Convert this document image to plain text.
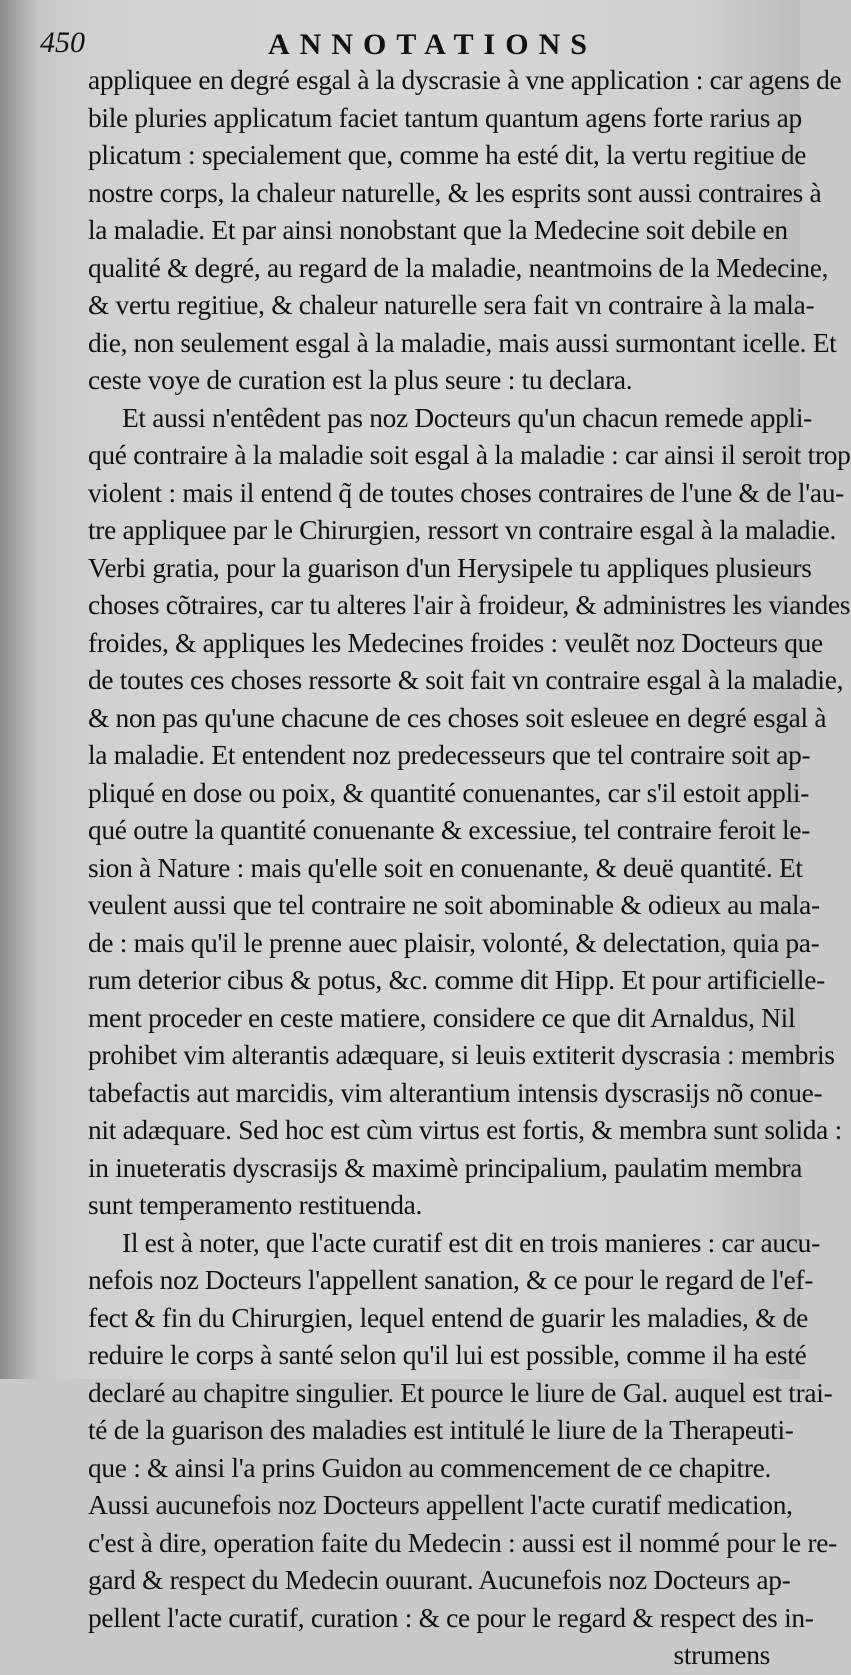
450	ANNOTATIONS
appliquee en degré esgal à la dyscrasie à vne application : car agens de
bile pluries applicatum faciet tantum quantum agens forte rarius ap
plicatum : specialement que, comme ha esté dit, la vertu regitiue de
nostre corps, la chaleur naturelle, & les esprits sont aussi contraires à
la maladie. Et par ainsi nonobstant que la Medecine soit debile en
qualité & degré, au regard de la maladie, neantmoins de la Medecine,
& vertu regitiue, & chaleur naturelle sera fait vn contraire à la mala-
die, non seulement esgal à la maladie, mais aussi surmontant icelle. Et
ceste voye de curation est la plus seure : tu declara.
Et aussi n'entêdent pas noz Docteurs qu'un chacun remede appli-
qué contraire à la maladie soit esgal à la maladie : car ainsi il seroit trop
violent : mais il entend q̃ de toutes choses contraires de l'une & de l'au-
tre appliquee par le Chirurgien, ressort vn contraire esgal à la maladie.
Verbi gratia, pour la guarison d'un Herysipele tu appliques plusieurs
choses cõtraires, car tu alteres l'air à froideur, & administres les viandes
froides, & appliques les Medecines froides : veulẽt noz Docteurs que
de toutes ces choses ressorte & soit fait vn contraire esgal à la maladie,
& non pas qu'une chacune de ces choses soit esleuee en degré esgal à
la maladie. Et entendent noz predecesseurs que tel contraire soit ap-
pliqué en dose ou poix, & quantité conuenantes, car s'il estoit appli-
qué outre la quantité conuenante & excessiue, tel contraire feroit le-
sion à Nature : mais qu'elle soit en conuenante, & deuë quantité. Et
veulent aussi que tel contraire ne soit abominable & odieux au mala-
de : mais qu'il le prenne auec plaisir, volonté, & delectation, quia pa-
rum deterior cibus & potus, &c. comme dit Hipp. Et pour artificielle-
ment proceder en ceste matiere, considere ce que dit Arnaldus, Nil
prohibet vim alterantis adæquare, si leuis extiterit dyscrasia : membris
tabefactis aut marcidis, vim alterantium intensis dyscrasijs nõ conue-
nit adæquare. Sed hoc est cùm virtus est fortis, & membra sunt solida :
in inueteratis dyscrasijs & maximè principalium, paulatim membra
sunt temperamento restituenda.
Il est à noter, que l'acte curatif est dit en trois manieres : car aucu-
nefois noz Docteurs l'appellent sanation, & ce pour le regard de l'ef-
fect & fin du Chirurgien, lequel entend de guarir les maladies, & de
reduire le corps à santé selon qu'il lui est possible, comme il ha esté
declaré au chapitre singulier. Et pource le liure de Gal. auquel est trai-
té de la guarison des maladies est intitulé le liure de la Therapeuti-
que : & ainsi l'a prins Guidon au commencement de ce chapitre.
Aussi aucunefois noz Docteurs appellent l'acte curatif medication,
c'est à dire, operation faite du Medecin : aussi est il nommé pour le re-
gard & respect du Medecin ouurant. Aucunefois noz Docteurs ap-
pellent l'acte curatif, curation : & ce pour le regard & respect des in-
strumens
